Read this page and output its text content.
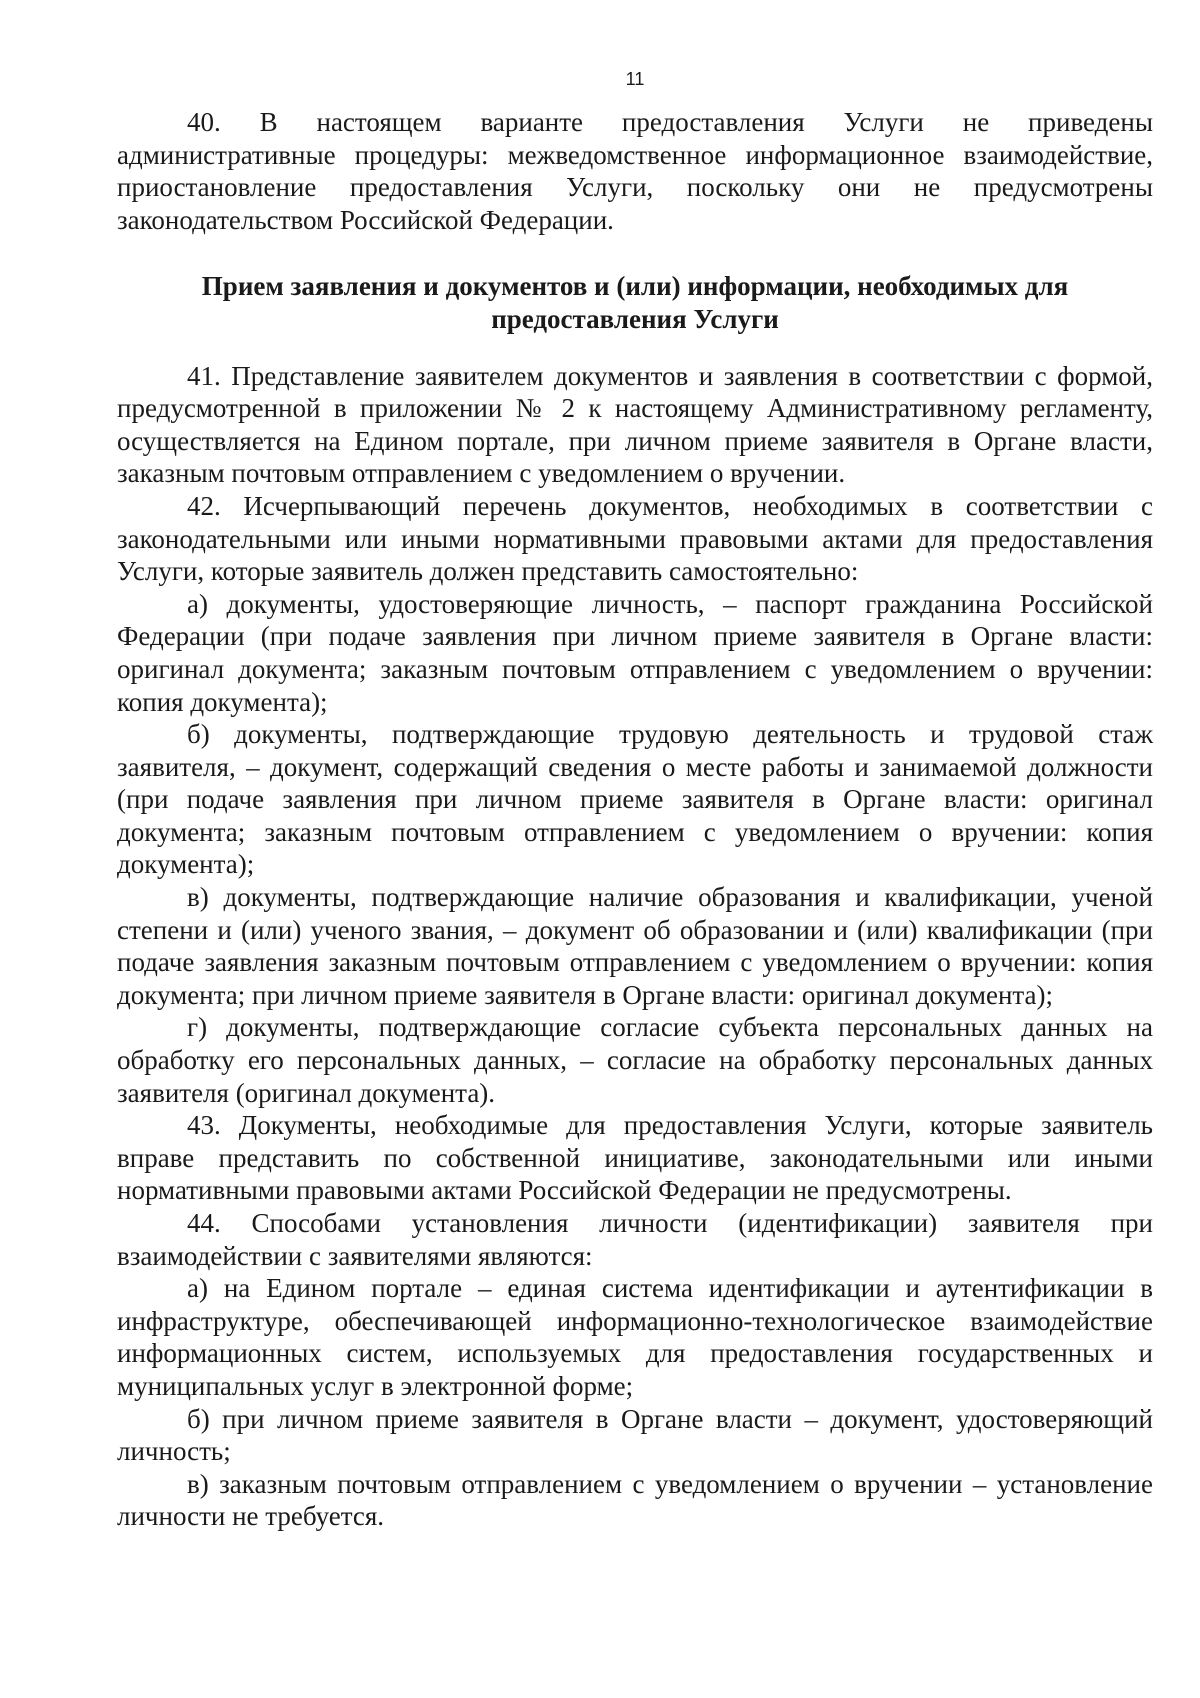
11

40. В настоящем варианте предоставления Услуги не приведены административные процедуры: межведомственное информационное взаимодействие, приостановление предоставления Услуги, поскольку они не предусмотрены законодательством Российской Федерации.

Прием заявления и документов и (или) информации, необходимых для предоставления Услуги

41. Представление заявителем документов и заявления в соответствии с формой, предусмотренной в приложении № 2 к настоящему Административному регламенту, осуществляется на Едином портале, при личном приеме заявителя в Органе власти, заказным почтовым отправлением с уведомлением о вручении.

42. Исчерпывающий перечень документов, необходимых в соответствии с законодательными или иными нормативными правовыми актами для предоставления Услуги, которые заявитель должен представить самостоятельно:

а) документы, удостоверяющие личность, – паспорт гражданина Российской Федерации (при подаче заявления при личном приеме заявителя в Органе власти: оригинал документа; заказным почтовым отправлением с уведомлением о вручении: копия документа);

б) документы, подтверждающие трудовую деятельность и трудовой стаж заявителя, – документ, содержащий сведения о месте работы и занимаемой должности (при подаче заявления при личном приеме заявителя в Органе власти: оригинал документа; заказным почтовым отправлением с уведомлением о вручении: копия документа);

в) документы, подтверждающие наличие образования и квалификации, ученой степени и (или) ученого звания, – документ об образовании и (или) квалификации (при подаче заявления заказным почтовым отправлением с уведомлением о вручении: копия документа; при личном приеме заявителя в Органе власти: оригинал документа);

г) документы, подтверждающие согласие субъекта персональных данных на обработку его персональных данных, – согласие на обработку персональных данных заявителя (оригинал документа).

43. Документы, необходимые для предоставления Услуги, которые заявитель вправе представить по собственной инициативе, законодательными или иными нормативными правовыми актами Российской Федерации не предусмотрены.

44. Способами установления личности (идентификации) заявителя при взаимодействии с заявителями являются:

а) на Едином портале – единая система идентификации и аутентификации в инфраструктуре, обеспечивающей информационно-технологическое взаимодействие информационных систем, используемых для предоставления государственных и муниципальных услуг в электронной форме;

б) при личном приеме заявителя в Органе власти – документ, удостоверяющий личность;

в) заказным почтовым отправлением с уведомлением о вручении – установление личности не требуется.
